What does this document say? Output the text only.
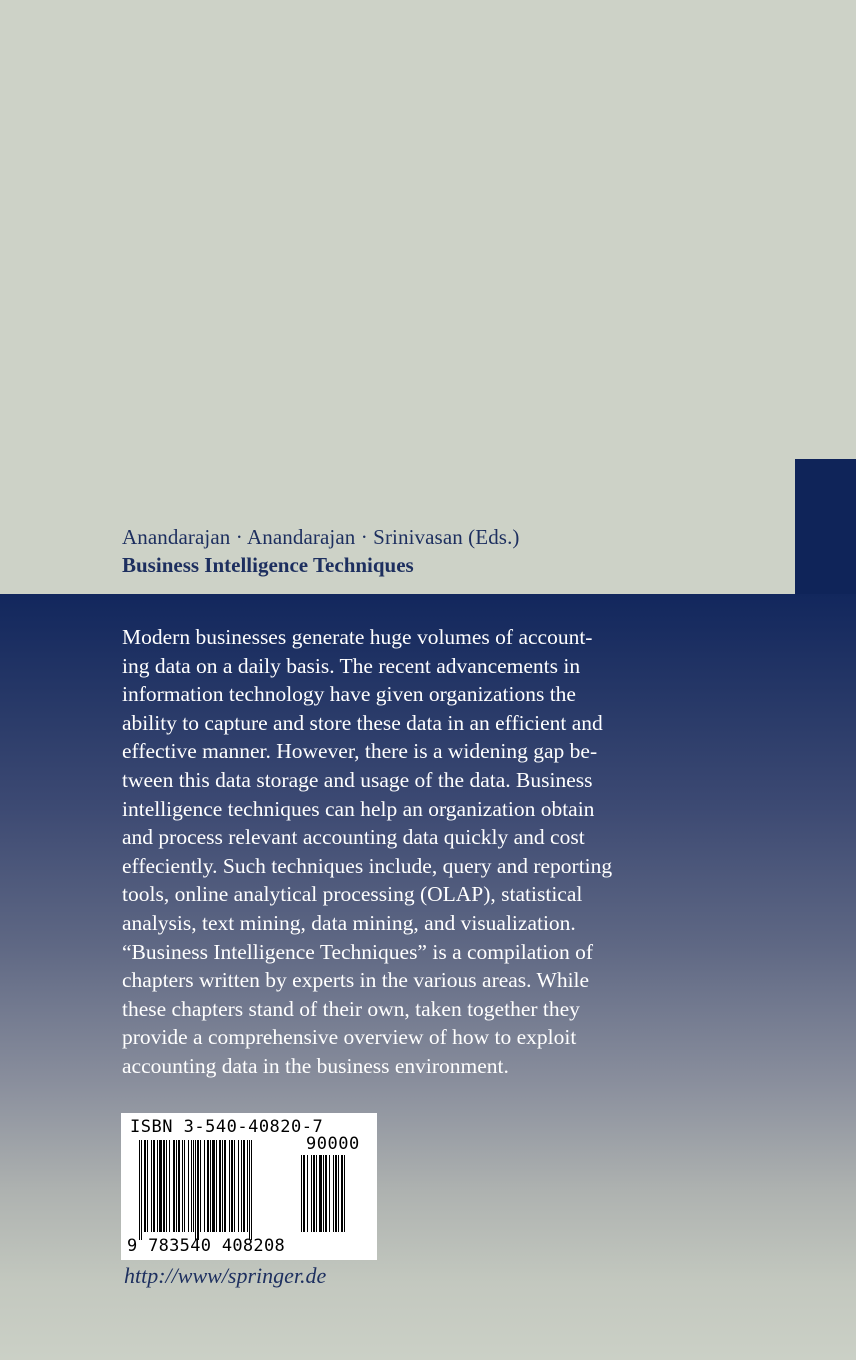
Anandarajan · Anandarajan · Srinivasan (Eds.)
Business Intelligence Techniques
Modern businesses generate huge volumes of account-
ing data on a daily basis. The recent advancements in
information technology have given organizations the
ability to capture and store these data in an efficient and
effective manner. However, there is a widening gap be-
tween this data storage and usage of the data. Business
intelligence techniques can help an organization obtain
and process relevant accounting data quickly and cost
effeciently. Such techniques include, query and reporting
tools, online analytical processing (OLAP), statistical
analysis, text mining, data mining, and visualization.
“Business Intelligence Techniques” is a compilation of
chapters written by experts in the various areas. While
these chapters stand of their own, taken together they
provide a comprehensive overview of how to exploit
accounting data in the business environment.
ISBN 3-540-40820-7
90000
9 783540 408208
http://www/springer.de
